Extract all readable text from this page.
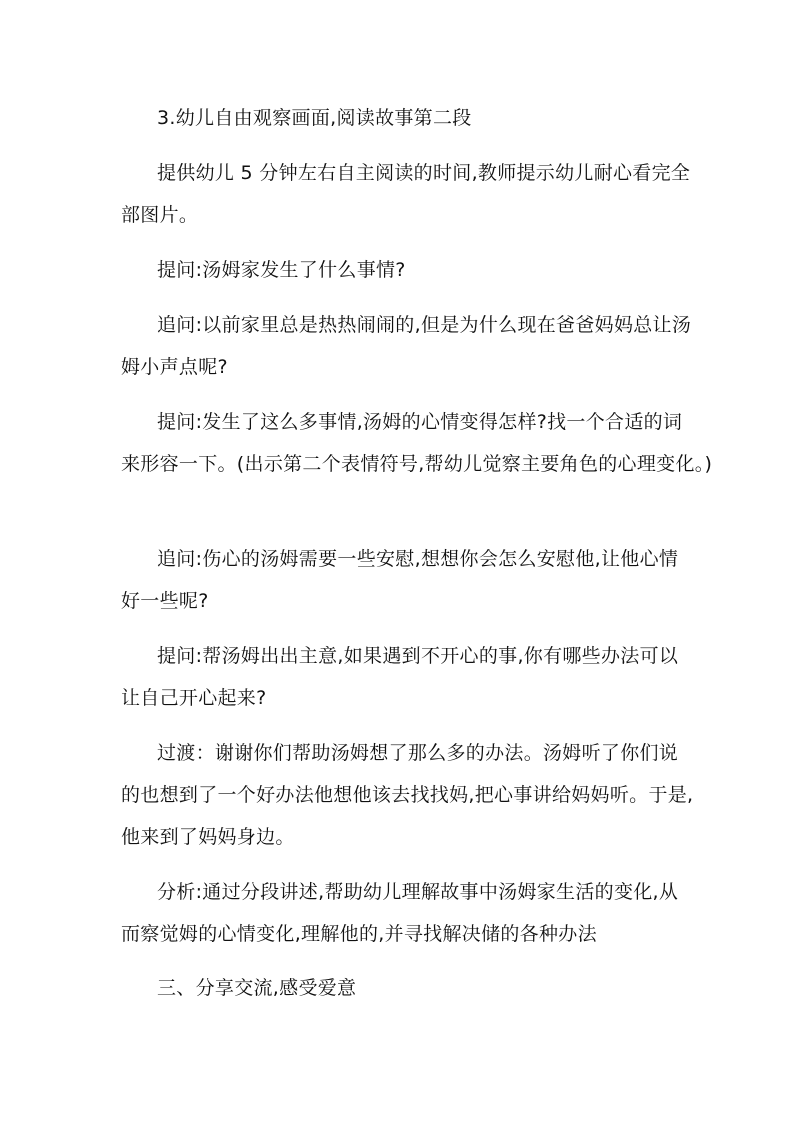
3.幼儿自由观察画面,阅读故事第二段
提供幼儿 5 分钟左右自主阅读的时间,教师提示幼儿耐心看完全
部图片。
提问:汤姆家发生了什么事情?
追问:以前家里总是热热闹闹的,但是为什么现在爸爸妈妈总让汤
姆小声点呢?
提问:发生了这么多事情,汤姆的心情变得怎样?找一个合适的词
来形容一下。(出示第二个表情符号,帮幼儿觉察主要角色的心理变化。)
追问:伤心的汤姆需要一些安慰,想想你会怎么安慰他,让他心情
好一些呢?
提问:帮汤姆出出主意,如果遇到不开心的事,你有哪些办法可以
让自己开心起来?
过渡：谢谢你们帮助汤姆想了那么多的办法。汤姆听了你们说
的也想到了一个好办法他想他该去找找妈,把心事讲给妈妈听。于是,
他来到了妈妈身边。
分析:通过分段讲述,帮助幼儿理解故事中汤姆家生活的变化,从
而察觉姆的心情变化,理解他的,并寻找解决储的各种办法
三、分享交流,感受爱意
